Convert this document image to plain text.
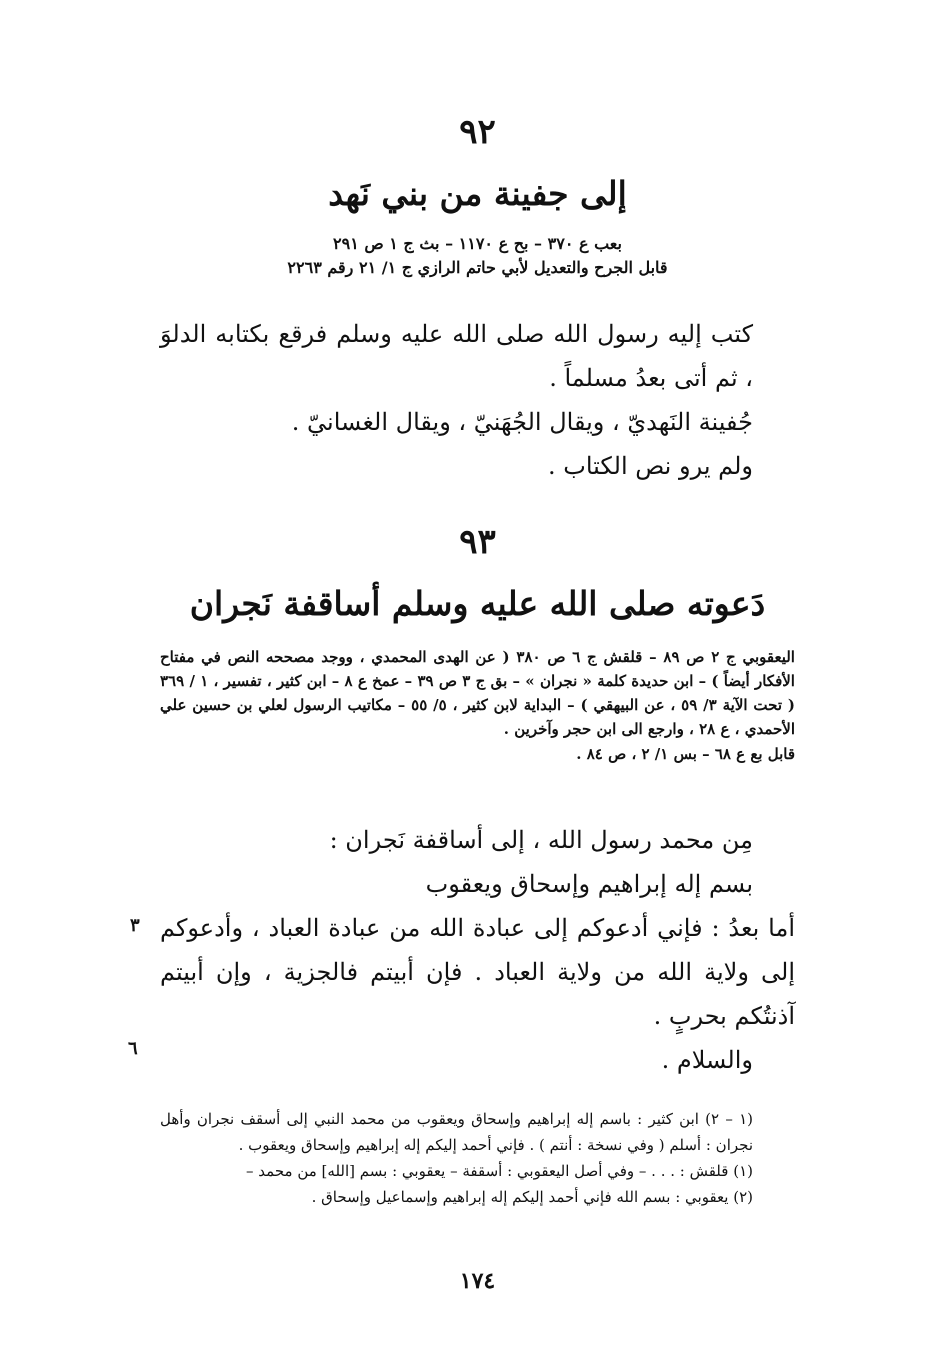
٩٢
إلى جفينة من بني نَهد
بعب ع ٣٧٠ – بح ع ١١٧٠ – بث ج ١ ص ٢٩١
قابل الجرح والتعديل لأبي حاتم الرازي ج ١/ ٢١ رقم ٢٢٦٣
كتب إليه رسول الله صلى الله عليه وسلم فرقع بكتابه الدلوَ ، ثم أتى بعدُ مسلماً .
جُفينة النَهديّ ، ويقال الجُهَنيّ ، ويقال الغسانيّ .
ولم يرو نص الكتاب .
٩٣
دَعوته صلى الله عليه وسلم أساقفة نَجران
اليعقوبي ج ٢ ص ٨٩ – قلقش ج ٦ ص ٣٨٠ ( عن الهدى المحمدي ، ووجد مصححه النص في مفتاح الأفكار أيضاً ) – ابن حديدة كلمة « نجران » – بق ج ٣ ص ٣٩ – عمخ ع ٨ – ابن كثير ، تفسير ، ١ / ٣٦٩ ( تحت الآية ٣/ ٥٩ ، عن البيهقي ) – البداية لابن كثير ، ٥/ ٥٥ – مكاتيب الرسول لعلي بن حسين علي الأحمدي ، ع ٢٨ ، وارجع الى ابن حجر وآخرين .
قابل بع ع ٦٨ – بس ١/ ٢ ، ص ٨٤ .
مِن محمد رسول الله ، إلى أساقفة نَجران :
بسم إله إبراهيم وإسحاق ويعقوب
أما بعدُ : فإني أدعوكم إلى عبادة الله من عبادة العباد ، وأدعوكم إلى ولاية الله من ولاية العباد . فإن أبيتم فالجزية ، وإن أبيتم آذنتُكم بحربٍ .
والسلام .
٣
٦
(١ – ٢) ابن كثير : باسم إله إبراهيم وإسحاق ويعقوب من محمد النبي إلى أسقف نجران وأهل نجران : أسلم ( وفي نسخة : أنتم ) . فإني أحمد إليكم إله إبراهيم وإسحاق ويعقوب .
(١) قلقش : . . . – وفي أصل اليعقوبي : أسقفة – يعقوبي : بسم [الله] من محمد –
(٢) يعقوبي : بسم الله فإني أحمد إليكم إله إبراهيم وإسماعيل وإسحاق .
١٧٤
